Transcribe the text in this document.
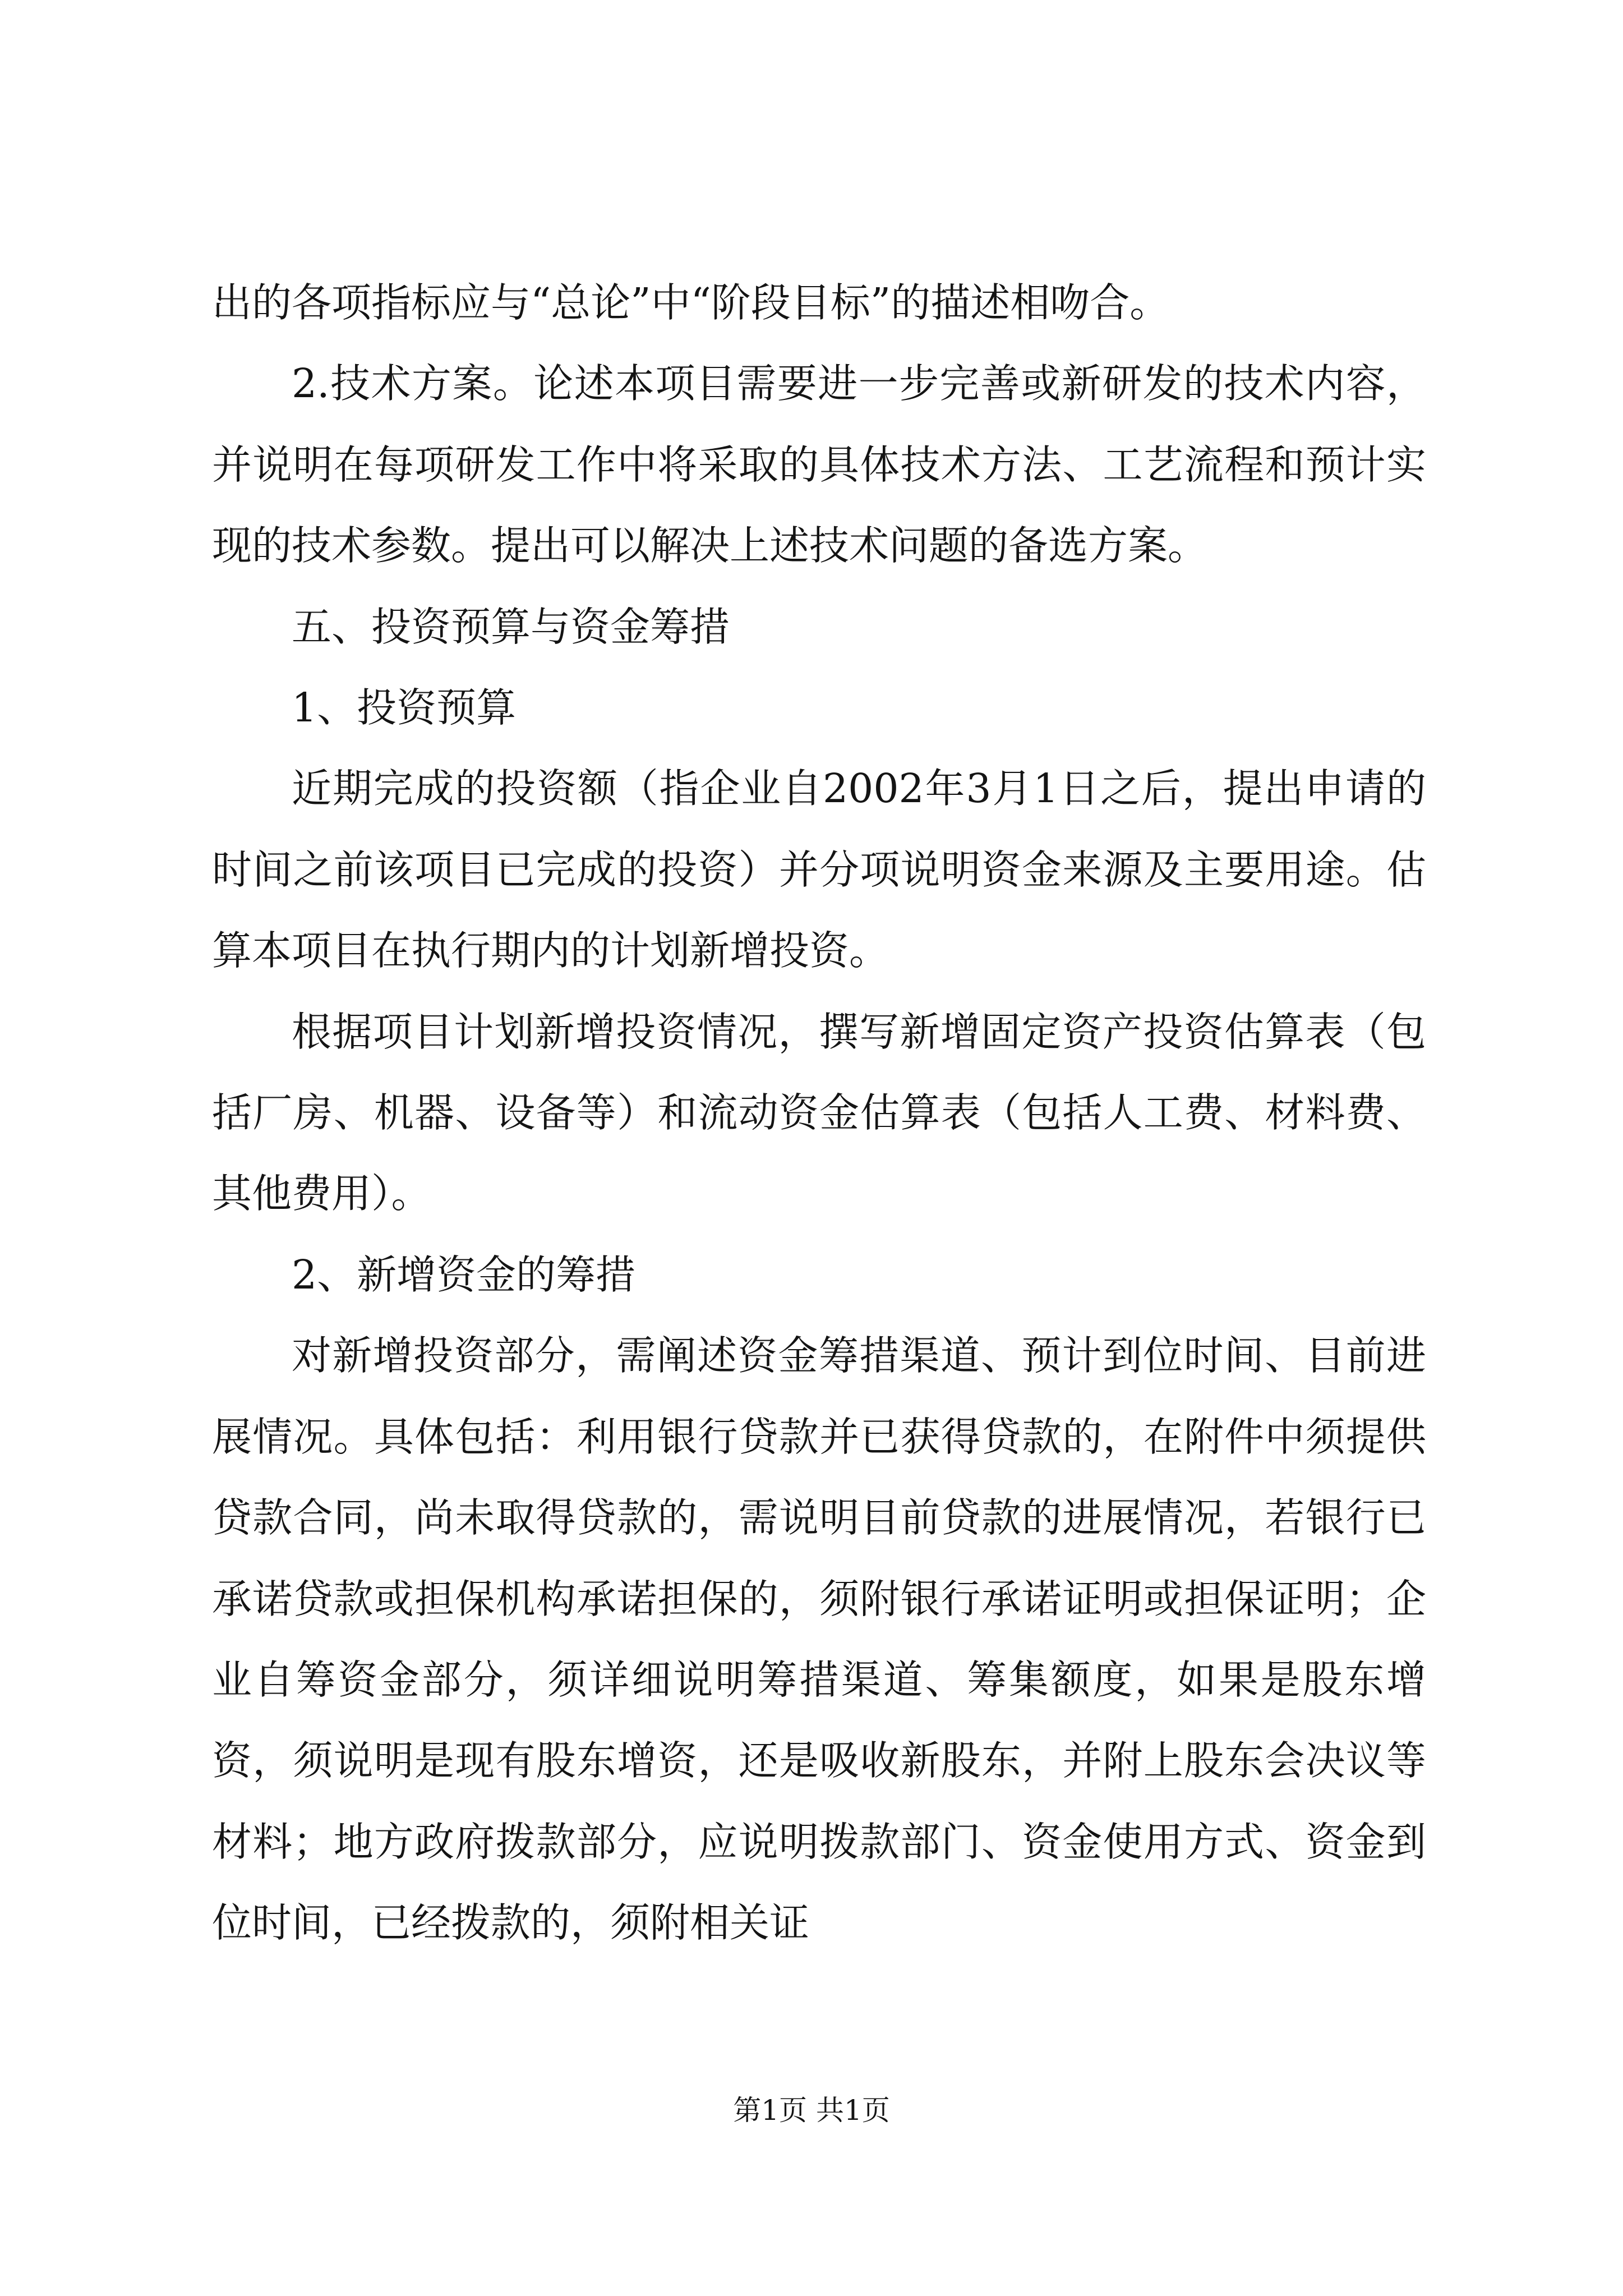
出的各项指标应与“总论”中“阶段目标”的描述相吻合。

2.技术方案。论述本项目需要进一步完善或新研发的技术内容，并说明在每项研发工作中将采取的具体技术方法、工艺流程和预计实现的技术参数。提出可以解决上述技术问题的备选方案。

五、投资预算与资金筹措

1、投资预算

近期完成的投资额（指企业自2002年3月1日之后，提出申请的时间之前该项目已完成的投资）并分项说明资金来源及主要用途。估算本项目在执行期内的计划新增投资。

根据项目计划新增投资情况，撰写新增固定资产投资估算表（包括厂房、机器、设备等）和流动资金估算表（包括人工费、材料费、其他费用）。

2、新增资金的筹措

对新增投资部分，需阐述资金筹措渠道、预计到位时间、目前进展情况。具体包括：利用银行贷款并已获得贷款的，在附件中须提供贷款合同，尚未取得贷款的，需说明目前贷款的进展情况，若银行已承诺贷款或担保机构承诺担保的，须附银行承诺证明或担保证明；企业自筹资金部分，须详细说明筹措渠道、筹集额度，如果是股东增资，须说明是现有股东增资，还是吸收新股东，并附上股东会决议等材料；地方政府拨款部分，应说明拨款部门、资金使用方式、资金到位时间，已经拨款的，须附相关证

第1页 共1页
